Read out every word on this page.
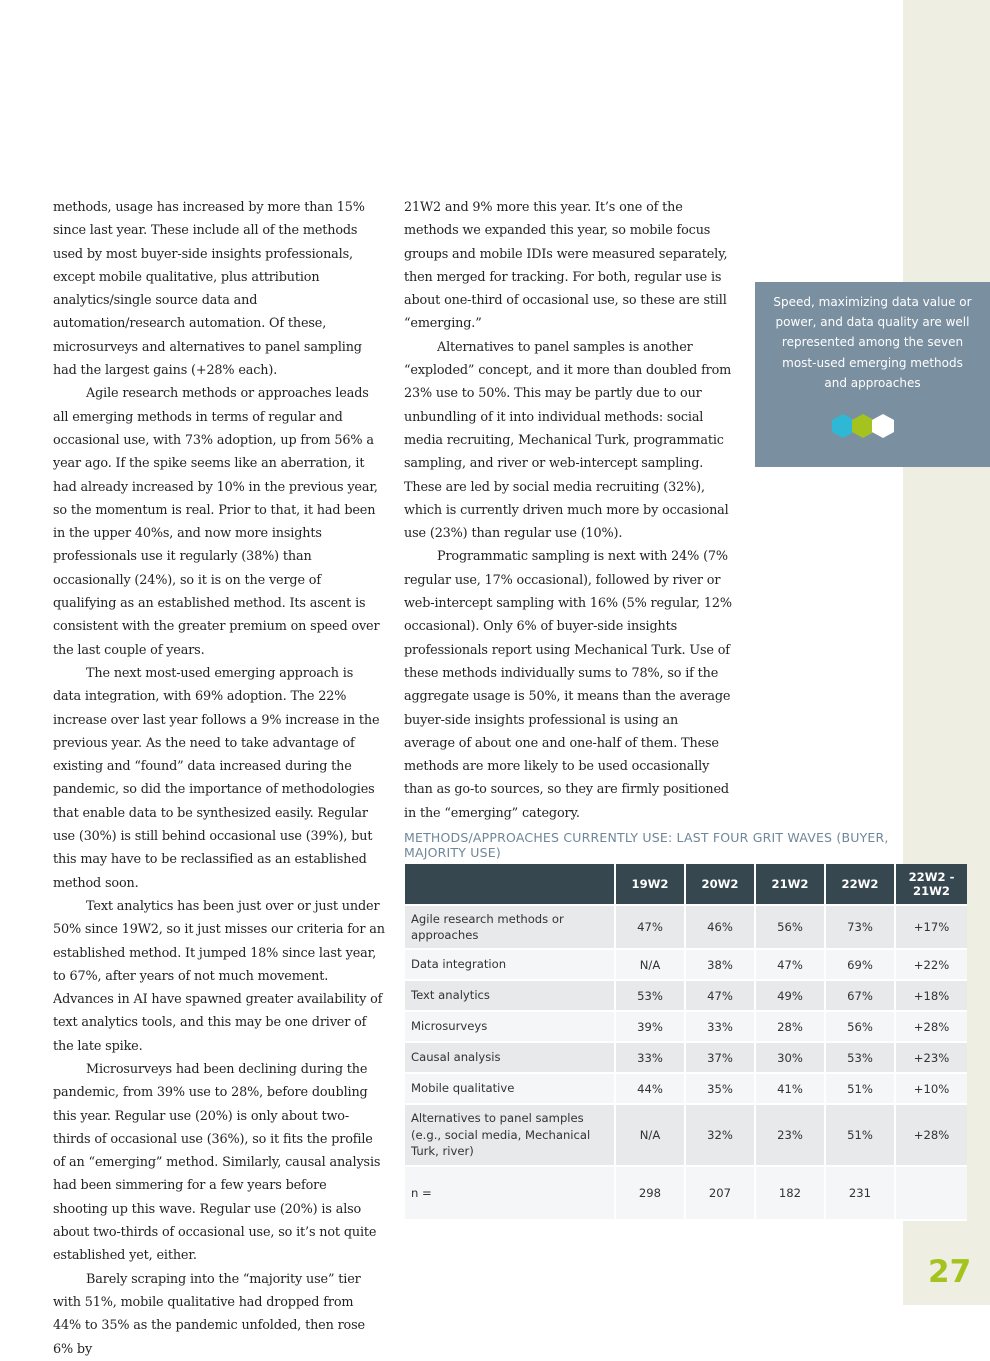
methods, usage has increased by more than 15% since last year. These include all of the methods used by most buyer-side insights professionals, except mobile qualitative, plus attribution analytics/single source data and automation/research automation. Of these, microsurveys and alternatives to panel sampling had the largest gains (+28% each).

Agile research methods or approaches leads all emerging methods in terms of regular and occasional use, with 73% adoption, up from 56% a year ago. If the spike seems like an aberration, it had already increased by 10% in the previous year, so the momentum is real. Prior to that, it had been in the upper 40%s, and now more insights professionals use it regularly (38%) than occasionally (24%), so it is on the verge of qualifying as an established method. Its ascent is consistent with the greater premium on speed over the last couple of years.

The next most-used emerging approach is data integration, with 69% adoption. The 22% increase over last year follows a 9% increase in the previous year. As the need to take advantage of existing and “found” data increased during the pandemic, so did the importance of methodologies that enable data to be synthesized easily. Regular use (30%) is still behind occasional use (39%), but this may have to be reclassified as an established method soon.

Text analytics has been just over or just under 50% since 19W2, so it just misses our criteria for an established method. It jumped 18% since last year, to 67%, after years of not much movement. Advances in AI have spawned greater availability of text analytics tools, and this may be one driver of the late spike.

Microsurveys had been declining during the pandemic, from 39% use to 28%, before doubling this year. Regular use (20%) is only about two-thirds of occasional use (36%), so it fits the profile of an “emerging” method. Similarly, causal analysis had been simmering for a few years before shooting up this wave. Regular use (20%) is also about two-thirds of occasional use, so it’s not quite established yet, either.

Barely scraping into the “majority use” tier with 51%, mobile qualitative had dropped from 44% to 35% as the pandemic unfolded, then rose 6% by

21W2 and 9% more this year. It’s one of the methods we expanded this year, so mobile focus groups and mobile IDIs were measured separately, then merged for tracking. For both, regular use is about one-third of occasional use, so these are still “emerging.”

Alternatives to panel samples is another “exploded” concept, and it more than doubled from 23% use to 50%. This may be partly due to our unbundling of it into individual methods: social media recruiting, Mechanical Turk, programmatic sampling, and river or web-intercept sampling. These are led by social media recruiting (32%), which is currently driven much more by occasional use (23%) than regular use (10%).

Programmatic sampling is next with 24% (7% regular use, 17% occasional), followed by river or web-intercept sampling with 16% (5% regular, 12% occasional). Only 6% of buyer-side insights professionals report using Mechanical Turk. Use of these methods individually sums to 78%, so if the aggregate usage is 50%, it means than the average buyer-side insights professional is using an average of about one and one-half of them. These methods are more likely to be used occasionally than as go-to sources, so they are firmly positioned in the “emerging” category.

Speed, maximizing data value or power, and data quality are well represented among the seven most-used emerging methods and approaches

METHODS/APPROACHES CURRENTLY USE: LAST FOUR GRIT WAVES (BUYER, MAJORITY USE)
	19W2	20W2	21W2	22W2	22W2 - 21W2
Agile research methods or approaches	47%	46%	56%	73%	+17%
Data integration	N/A	38%	47%	69%	+22%
Text analytics	53%	47%	49%	67%	+18%
Microsurveys	39%	33%	28%	56%	+28%
Causal analysis	33%	37%	30%	53%	+23%
Mobile qualitative	44%	35%	41%	51%	+10%
Alternatives to panel samples (e.g., social media, Mechanical Turk, river)	N/A	32%	23%	51%	+28%
n =	298	207	182	231	
27
